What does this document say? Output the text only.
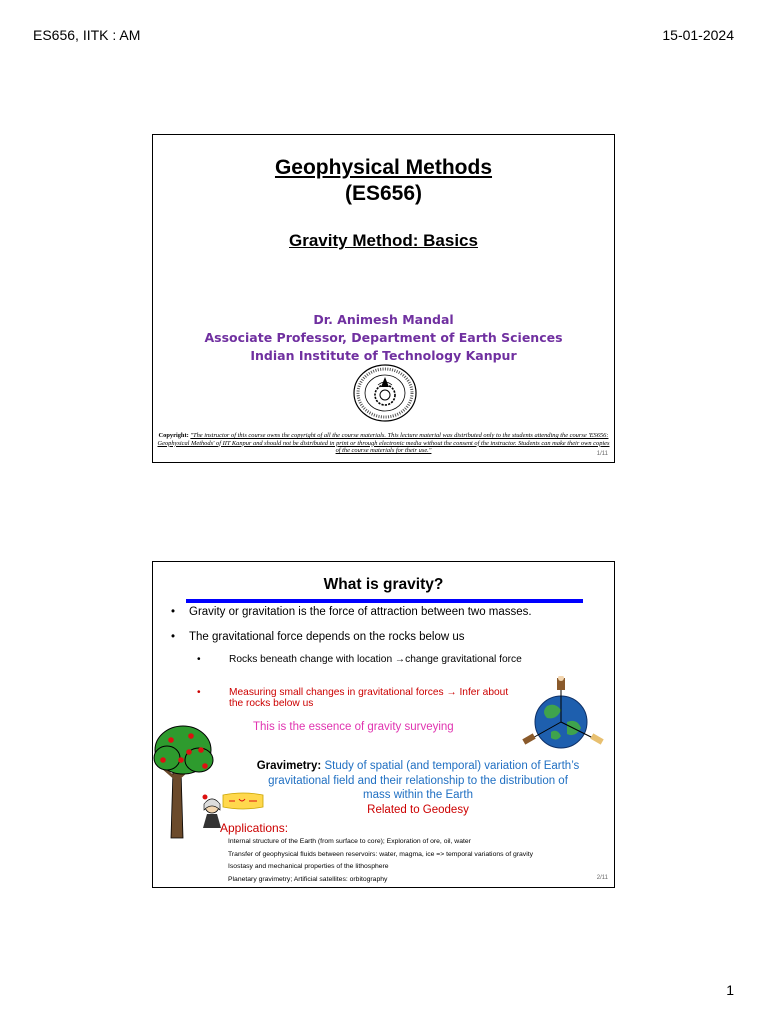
ES656, IITK : AM	15-01-2024
Geophysical Methods
(ES656)
Gravity Method: Basics
Dr. Animesh Mandal
Associate Professor, Department of Earth Sciences
Indian Institute of Technology Kanpur
Copyright: "The instructor of this course owns the copyright of all the course materials. This lecture material was distributed only to the students attending the course 'ES656: Geophysical Methods' of IIT Kanpur and should not be distributed in print or through electronic media without the consent of the instructor. Students can make their own copies of the course materials for their use."	1/11
What is gravity?
• Gravity or gravitation is the force of attraction between two masses.
• The gravitational force depends on the rocks below us
•	Rocks beneath change with location →change gravitational force
•	Measuring small changes in gravitational forces → Infer about the rocks below us
This is the essence of gravity surveying
Gravimetry: Study of spatial (and temporal) variation of Earth’s gravitational field and their relationship to the distribution of mass within the Earth
Related to Geodesy
Applications:
Internal structure of the Earth (from surface to core); Exploration of ore, oil, water
Transfer of geophysical fluids between reservoirs: water, magma, ice => temporal variations of gravity
Isostasy and mechanical properties of the lithosphere
Planetary gravimetry; Artificial satellites: orbitography	2/11
1
